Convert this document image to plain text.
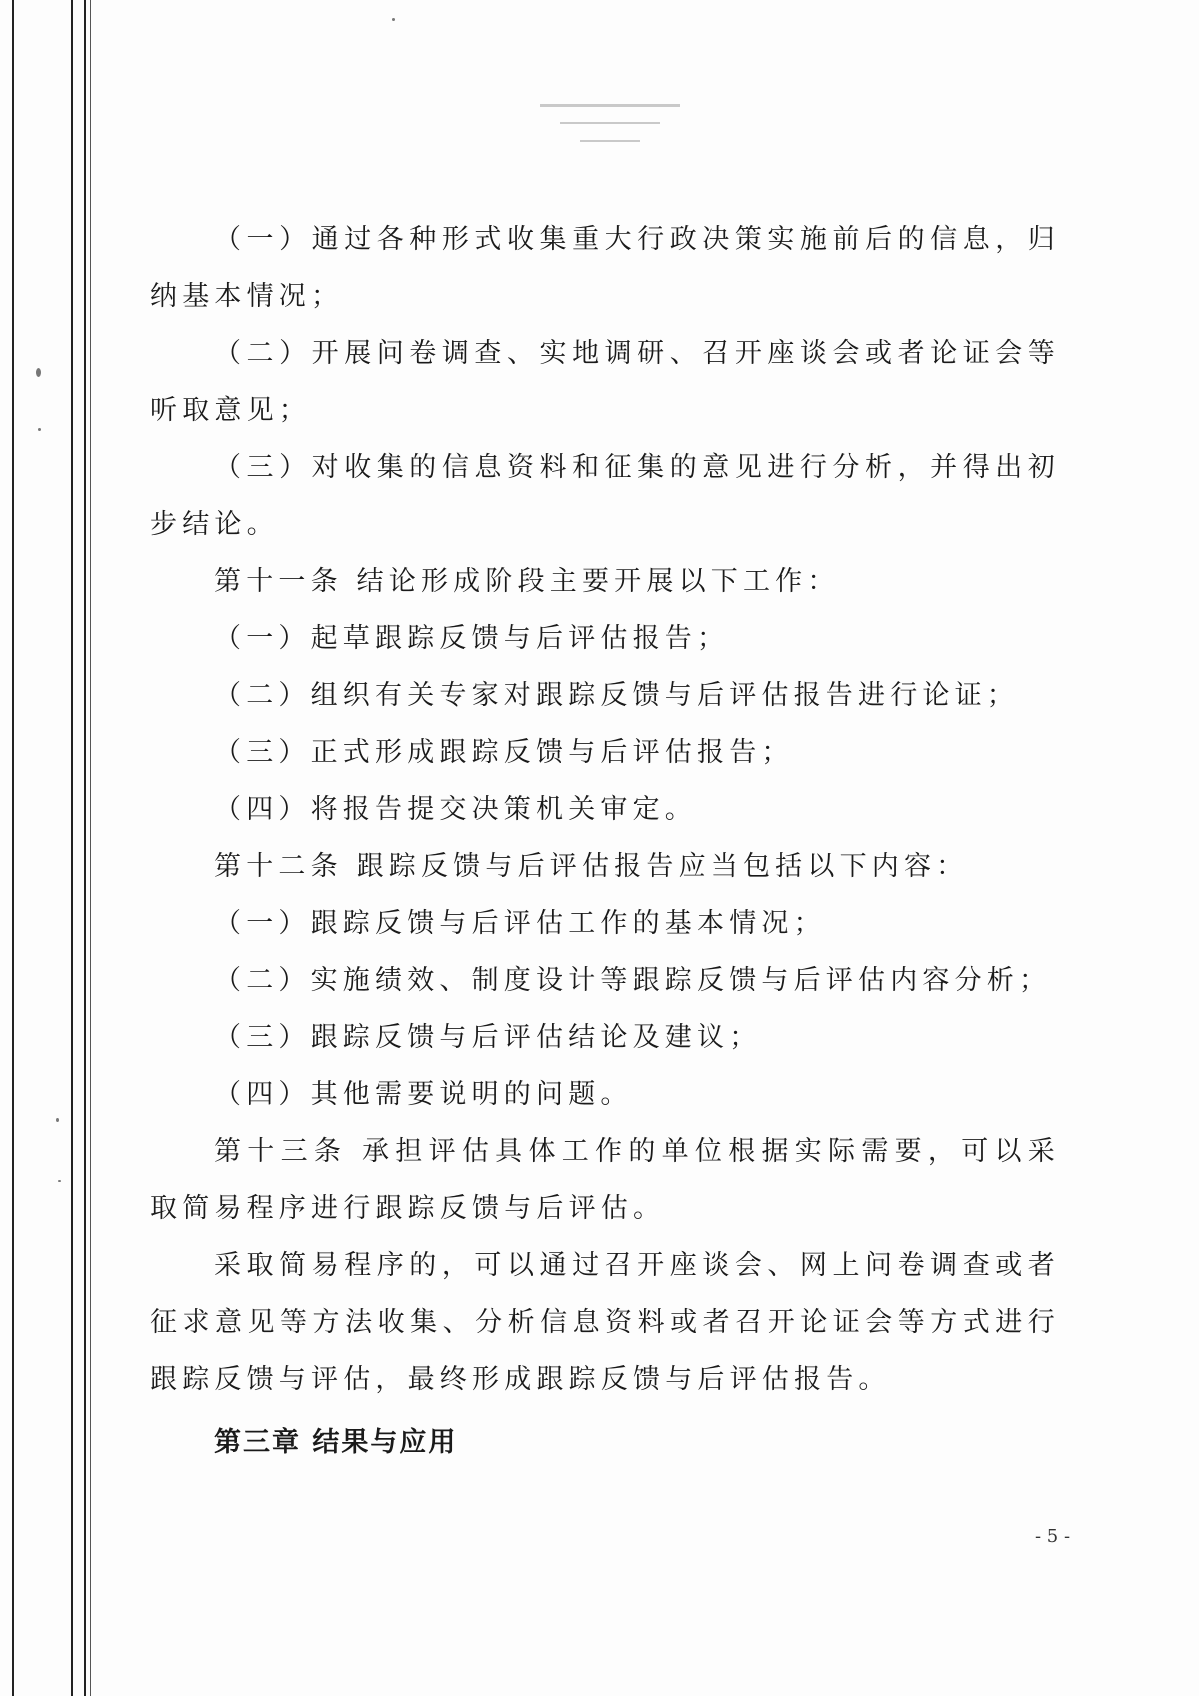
（一）通过各种形式收集重大行政决策实施前后的信息，归
纳基本情况；
（二）开展问卷调查、实地调研、召开座谈会或者论证会等
听取意见；
（三）对收集的信息资料和征集的意见进行分析，并得出初
步结论。
第十一条 结论形成阶段主要开展以下工作：
（一）起草跟踪反馈与后评估报告；
（二）组织有关专家对跟踪反馈与后评估报告进行论证；
（三）正式形成跟踪反馈与后评估报告；
（四）将报告提交决策机关审定。
第十二条 跟踪反馈与后评估报告应当包括以下内容：
（一）跟踪反馈与后评估工作的基本情况；
（二）实施绩效、制度设计等跟踪反馈与后评估内容分析；
（三）跟踪反馈与后评估结论及建议；
（四）其他需要说明的问题。
第十三条 承担评估具体工作的单位根据实际需要，可以采
取简易程序进行跟踪反馈与后评估。
采取简易程序的，可以通过召开座谈会、网上问卷调查或者
征求意见等方法收集、分析信息资料或者召开论证会等方式进行
跟踪反馈与评估，最终形成跟踪反馈与后评估报告。
第三章 结果与应用
- 5 -
